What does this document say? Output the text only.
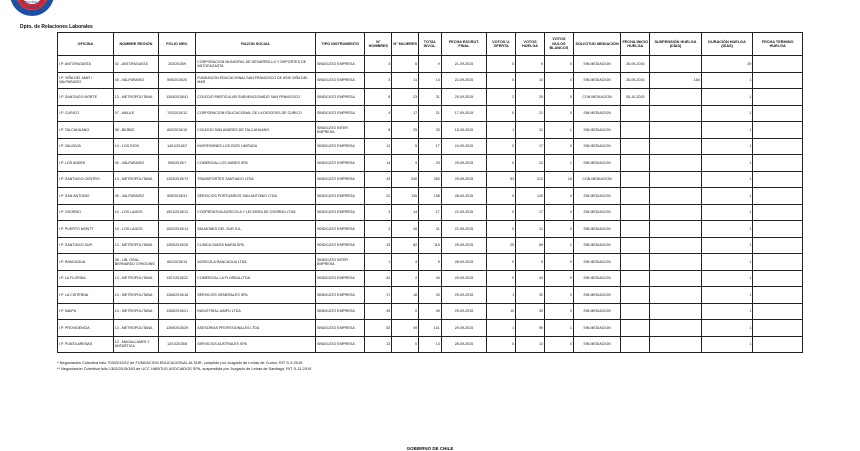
Dirección del
Trabajo
Dpto. de Relaciones Laborales
OFICINA	NOMBRE REGIÓN	FOLIO NEG.	RAZON SOCIAL	TIPO INSTRUMENTO	N° HOMBRES	N° MUJERES	TOTAL INVOL.	FECHA ESCRUT. FINAL	VOTOS U. OFERTA	VOTOS HUELGA	VOTOS NULOS BLANCOS	SOLICITUD MEDIACIÓN	FECHA INICIO HUELGA	SUSPENSIÓN HUELGA (DÍAS)	DURACIÓN HUELGA (DÍAS)	FECHA TERMINO HUELGA
I.P. ANTOFAGASTA	02 - ANTOFAGASTA	203/2015/9	CORPORACION MUNICIPAL DE DESARROLLO Y DEPORTES DE ANTOFAGASTA	SINDICATO EMPRESA	3	6	9	21-09-2015	0	9	0	SIN MEDIACION	25-09-2015		29	
I.P. VIÑA DEL MAR / VALPARAISO	05 - VALPARAISO	505/2015/20	FUNDACION EDUCACIONAL SAN FRANCISCO DE ASIS VIÑA DEL MAR	SINDICATO EMPRESA	3	11	14	22-09-2015	0	14	0	SIN MEDIACION	28-09-2015	184	1	
I.P. SANTIAGO NORTE	13 - METROPOLITANA	1304/2015/41	COLEGIO PARTICULAR SUBVENCIONADO SAN FRANCISCO	SINDICATO EMPRESA	8	23	31	29-09-2015	2	29	0	CON MEDIACION	05-10-2015		1	
I.P. CURICO	07 - MAULE	702/2015/12	CORPORACION EDUCACIONAL DE LA DIOCESIS DE CURICO	SINDICATO EMPRESA	4	17	21	17-09-2015	0	21	0	SIN MEDIACION			1	
I.P. TALCAHUANO	08 - BIOBIO	802/2015/15	COLEGIO SAN ANDRES DE TALCAHUANO	SINDICATO INTER EMPRESA	8	25	33	15-09-2015	1	31	1	SIN MEDIACION			1	
I.P. VALDIVIA	14 - LOS RIOS	1401/2015/7	INVERSIONES LOS RIOS LIMITADA	SINDICATO EMPRESA	12	5	17	24-09-2015	0	17	0	SIN MEDIACION			1	
I.P. LOS ANDES	05 - VALPARAISO	505/2015/7	COMERCIAL LOS ANDES SPA	SINDICATO EMPRESA	14	9	23	29-09-2015	0	22	1	SIN MEDIACION			1	
I.P. SANTIAGO CENTRO	13 - METROPOLITANA	1303/2015/73	TRANSPORTES SANTIAGO LTDA	SINDICATO EMPRESA	43	240	283	29-09-2015	53	212	18	CON MEDIACION			1	
I.P. SAN ANTONIO	05 - VALPARAISO	505/2015/31	SERVICIOS PORTUARIOS SAN ANTONIO LTDA	SINDICATO EMPRESA	22	136	158	28-09-2015	9	149	0	SIN MEDIACION			1	
I.P. OSORNO	10 - LOS LAGOS	1001/2015/12	COOPERATIVA AGRICOLA Y LECHERA DE OSORNO LTDA	SINDICATO EMPRESA	3	14	17	22-09-2015	0	17	0	SIN MEDIACION			1	
I.P. PUERTO MONTT	10 - LOS LAGOS	1002/2015/14	SALMONES DEL SUR S.A.	SINDICATO EMPRESA	3	28	31	22-09-2015	0	31	0	SIN MEDIACION			1	
I.P. SANTIAGO SUR	13 - METROPOLITANA	1305/2015/25	CLINICA SANTA MARIA SPA	SINDICATO EMPRESA	33	82	115	29-09-2015	25	89	1	SIN MEDIACION			1	
I.P. RANCAGUA	06 - LIB. GRAL. BERNARDO O'HIGGINS	602/2015/13	AGRICOLA RANCAGUA LTDA	SINDICATO INTER EMPRESA	1	4	5	28-09-2015	0	5	0	SIN MEDIACION			1	
I.P. LA FLORIDA	13 - METROPOLITANA	1307/2015/22	COMERCIAL LA FLORIDA LTDA	SINDICATO EMPRESA	42	2	44	29-09-2015	0	44	0	SIN MEDIACION			1	
I.P. LA CISTERNA	13 - METROPOLITANA	1306/2015/18	SERVICIOS GENERALES SPA	SINDICATO EMPRESA	17	16	33	29-09-2015	1	32	0	SIN MEDIACION			1	
I.P. MAIPU	13 - METROPOLITANA	1308/2015/21	INDUSTRIAL MAIPU LTDA	SINDICATO EMPRESA	49	0	49	29-09-2015	10	39	0	SIN MEDIACION			1	
I.P. PROVIDENCIA	13 - METROPOLITANA	1309/2015/29	ASESORIAS PROFESIONALES LTDA	SINDICATO EMPRESA	52	49	101	29-09-2015	1	99	1	SIN MEDIACION			1	
I.P. PUNTA ARENAS	12 - MAGALLANES Y ANTARTICA	1201/2015/8	SERVICIOS AUSTRALES SPA	SINDICATO EMPRESA	13	0	13	28-09-2015	0	13	0	SIN MEDIACION			1	
* Negociación Colectiva folio 703/2015/12 de FUNDACION EDUCACIONAL ALTAIR, cumplido por Juzgado de Letras de Curicó, RIT S-3-2015
** Negociación Colectiva folio 1302/2015/183 de UCC HABITUS ASOCIADOS SPA, suspendida por Juzgado de Letras de Santiago, RIT S-11-2015
GOBIERNO DE CHILE
